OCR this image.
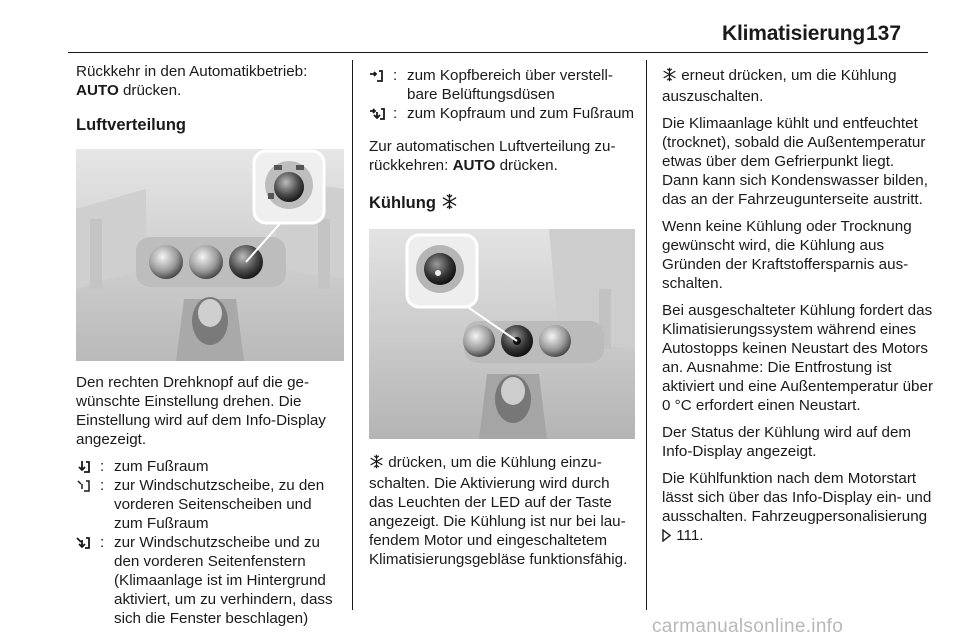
Klimatisierung 137

Rückkehr in den Automatikbetrieb:
AUTO drücken.

Luftverteilung

Den rechten Drehknopf auf die gewünschte Einstellung drehen. Die Einstellung wird auf dem Info-Display angezeigt.

: zum Fußraum
: zur Windschutzscheibe, zu den vorderen Seitenscheiben und zum Fußraum
: zur Windschutzscheibe und zu den vorderen Seitenfenstern (Klimaanlage ist im Hintergrund aktiviert, um zu verhindern, dass sich die Fenster beschlagen)
: zum Kopfbereich über verstellbare Belüftungsdüsen
: zum Kopfraum und zum Fußraum

Zur automatischen Luftverteilung zurückkehren: AUTO drücken.

Kühlung

drücken, um die Kühlung einzuschalten. Die Aktivierung wird durch das Leuchten der LED auf der Taste angezeigt. Die Kühlung ist nur bei laufendem Motor und eingeschaltetem Klimatisierungsgebläse funktionsfähig.

erneut drücken, um die Kühlung auszuschalten.

Die Klimaanlage kühlt und entfeuchtet (trocknet), sobald die Außentemperatur etwas über dem Gefrierpunkt liegt. Dann kann sich Kondenswasser bilden, das an der Fahrzeugunterseite austritt.

Wenn keine Kühlung oder Trocknung gewünscht wird, die Kühlung aus Gründen der Kraftstoffersparnis ausschalten.

Bei ausgeschalteter Kühlung fordert das Klimatisierungssystem während eines Autostopps keinen Neustart des Motors an. Ausnahme: Die Entfrostung ist aktiviert und eine Außentemperatur über 0 °C erfordert einen Neustart.

Der Status der Kühlung wird auf dem Info-Display angezeigt.

Die Kühlfunktion nach dem Motorstart lässt sich über das Info-Display ein- und ausschalten. Fahrzeugpersonalisierung  111.

carmanualsonline.info
